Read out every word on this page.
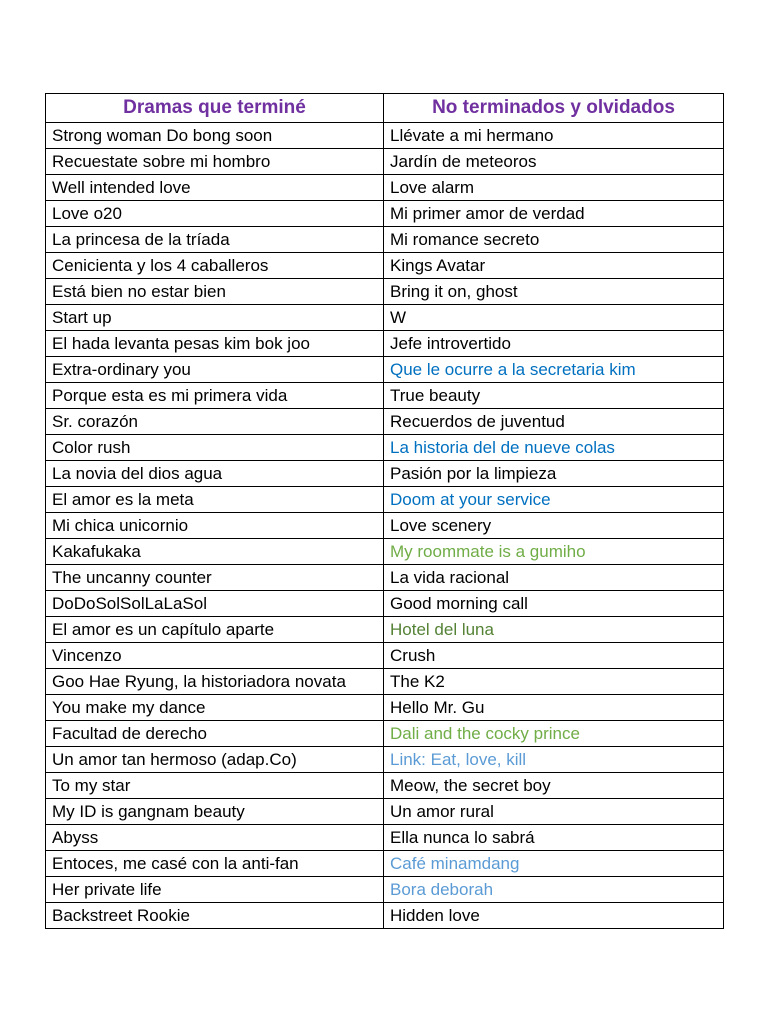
Dramas que terminé	No terminados y olvidados
Strong woman Do bong soon	Llévate a mi hermano
Recuestate sobre mi hombro	Jardín de meteoros
Well intended love	Love alarm
Love o20	Mi primer amor de verdad
La princesa de la tríada	Mi romance secreto
Cenicienta y los 4 caballeros	Kings Avatar
Está bien no estar bien	Bring it on, ghost
Start up	W
El hada levanta pesas kim bok joo	Jefe introvertido
Extra-ordinary you	Que le ocurre a la secretaria kim
Porque esta es mi primera vida	True beauty
Sr. corazón	Recuerdos de juventud
Color rush	La historia del de nueve colas
La novia del dios agua	Pasión por la limpieza
El amor es la meta	Doom at your service
Mi chica unicornio	Love scenery
Kakafukaka	My roommate is a gumiho
The uncanny counter	La vida racional
DoDoSolSolLaLaSol	Good morning call
El amor es un capítulo aparte	Hotel del luna
Vincenzo	Crush
Goo Hae Ryung, la historiadora novata	The K2
You make my dance	Hello Mr. Gu
Facultad de derecho	Dali and the cocky prince
Un amor tan hermoso (adap.Co)	Link: Eat, love, kill
To my star	Meow, the secret boy
My ID is gangnam beauty	Un amor rural
Abyss	Ella nunca lo sabrá
Entoces, me casé con la anti-fan	Café minamdang
Her private life	Bora deborah
Backstreet Rookie	Hidden love
